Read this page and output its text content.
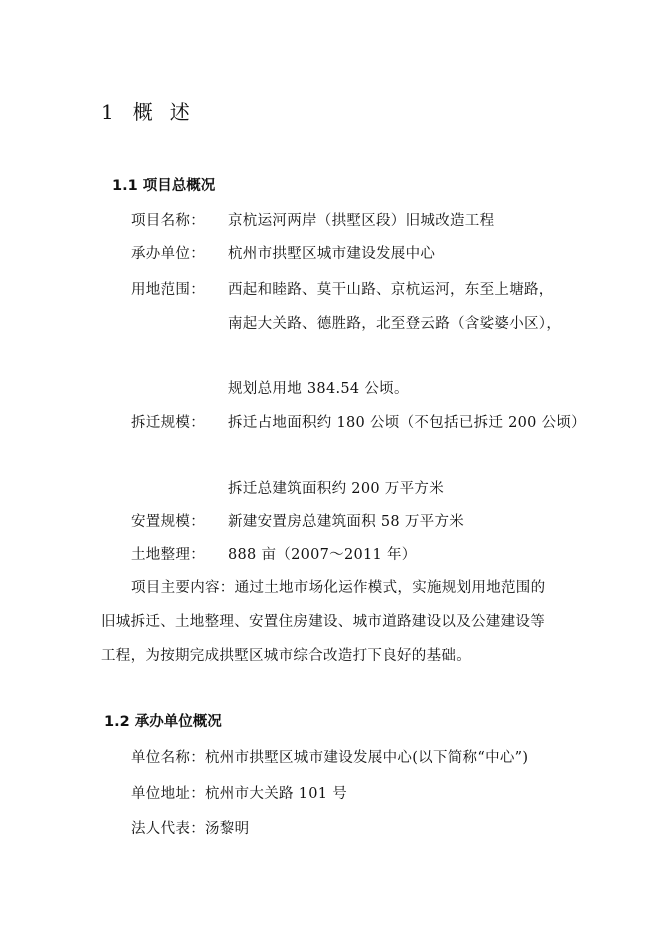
1 概 述
1.1 项目总概况
项目名称： 京杭运河两岸（拱墅区段）旧城改造工程
承办单位： 杭州市拱墅区城市建设发展中心
用地范围： 西起和睦路、莫干山路、京杭运河，东至上塘路，
南起大关路、德胜路，北至登云路（含娑婆小区），
规划总用地 384.54 公顷。
拆迁规模： 拆迁占地面积约 180 公顷（不包括已拆迁 200 公顷）
拆迁总建筑面积约 200 万平方米
安置规模： 新建安置房总建筑面积 58 万平方米
土地整理： 888 亩（2007～2011 年）
项目主要内容：通过土地市场化运作模式，实施规划用地范围的
旧城拆迁、土地整理、安置住房建设、城市道路建设以及公建建设等
工程，为按期完成拱墅区城市综合改造打下良好的基础。
1.2 承办单位概况
单位名称：杭州市拱墅区城市建设发展中心(以下简称“中心”)
单位地址：杭州市大关路 101 号
法人代表：汤黎明
